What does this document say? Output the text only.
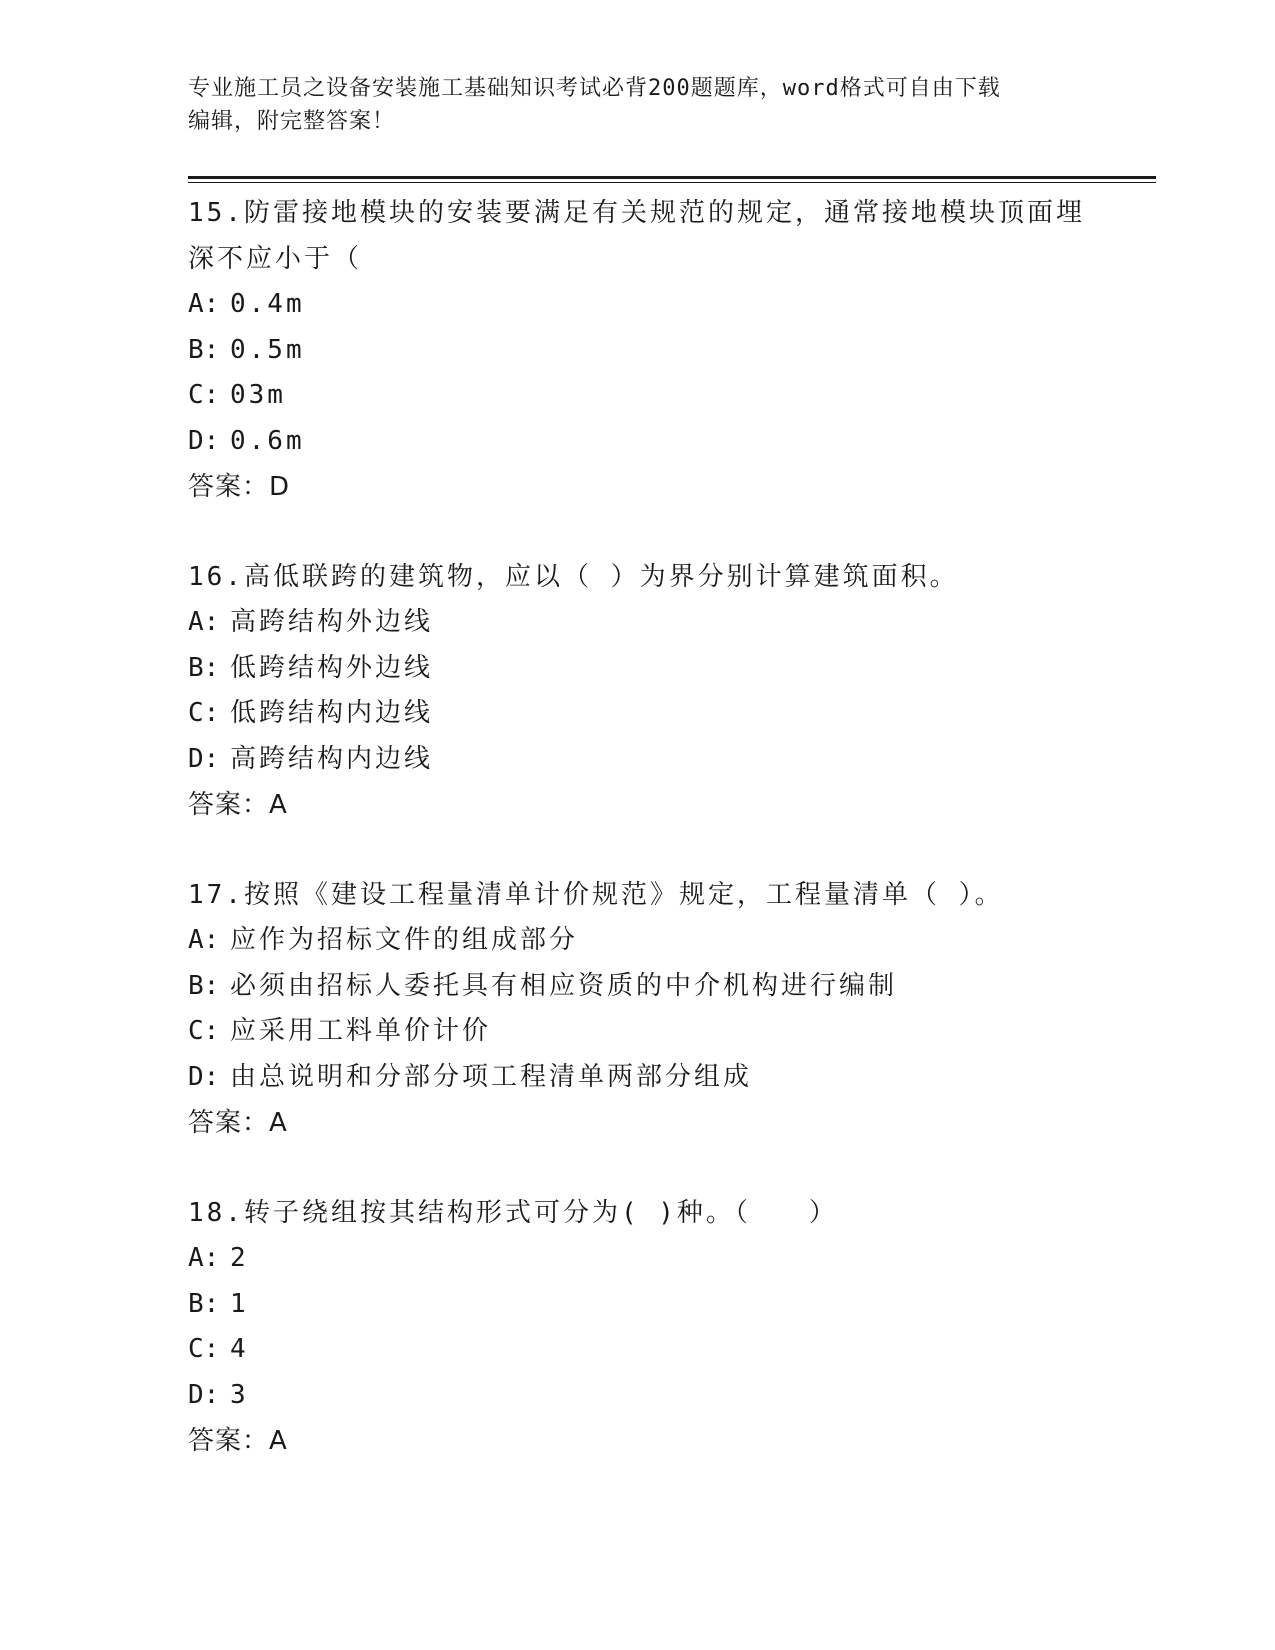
专业施工员之设备安装施工基础知识考试必背200题题库，word格式可自由下载
编辑，附完整答案！
15.防雷接地模块的安装要满足有关规范的规定，通常接地模块顶面埋深不应小于（
A: 0.4m
B: 0.5m
C: 03m
D: 0.6m
答案：D
16.高低联跨的建筑物，应以（ ）为界分别计算建筑面积。
A: 高跨结构外边线
B: 低跨结构外边线
C: 低跨结构内边线
D: 高跨结构内边线
答案：A
17.按照《建设工程量清单计价规范》规定，工程量清单（ ）。
A: 应作为招标文件的组成部分
B: 必须由招标人委托具有相应资质的中介机构进行编制
C: 应采用工料单价计价
D: 由总说明和分部分项工程清单两部分组成
答案：A
18.转子绕组按其结构形式可分为( )种。（　　）
A: 2
B: 1
C: 4
D: 3
答案：A
